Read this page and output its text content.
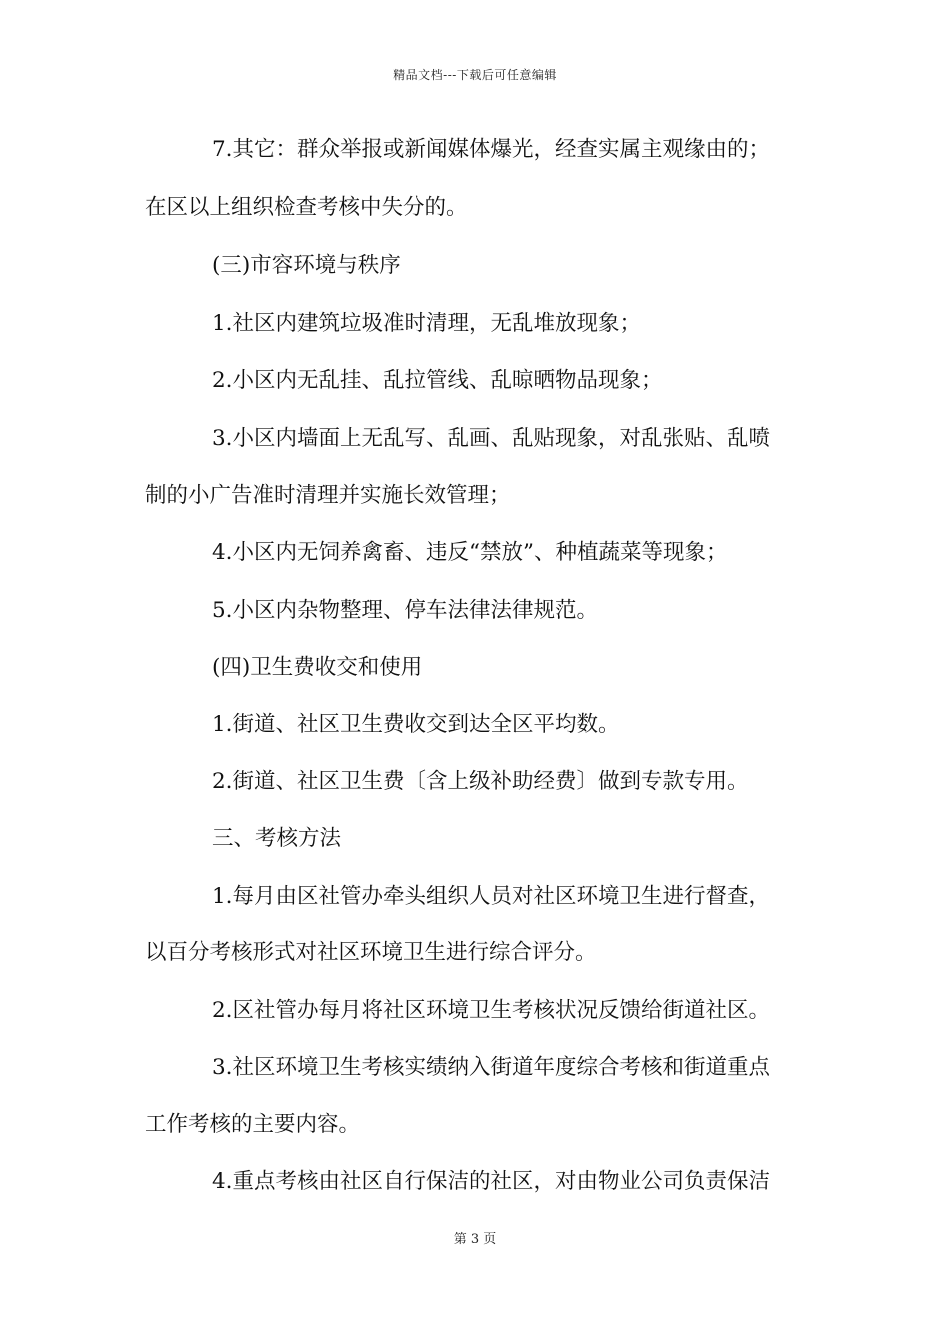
精品文档---下载后可任意编辑
7.其它：群众举报或新闻媒体爆光，经查实属主观缘由的；
在区以上组织检查考核中失分的。
(三)市容环境与秩序
1.社区内建筑垃圾准时清理，无乱堆放现象；
2.小区内无乱挂、乱拉管线、乱晾晒物品现象；
3.小区内墙面上无乱写、乱画、乱贴现象，对乱张贴、乱喷
制的小广告准时清理并实施长效管理；
4.小区内无饲养禽畜、违反“禁放”、种植蔬菜等现象；
5.小区内杂物整理、停车法律法律规范。
(四)卫生费收交和使用
1.街道、社区卫生费收交到达全区平均数。
2.街道、社区卫生费〔含上级补助经费〕做到专款专用。
三、考核方法
1.每月由区社管办牵头组织人员对社区环境卫生进行督查，
以百分考核形式对社区环境卫生进行综合评分。
2.区社管办每月将社区环境卫生考核状况反馈给街道社区。
3.社区环境卫生考核实绩纳入街道年度综合考核和街道重点
工作考核的主要内容。
4.重点考核由社区自行保洁的社区，对由物业公司负责保洁
第 3 页
